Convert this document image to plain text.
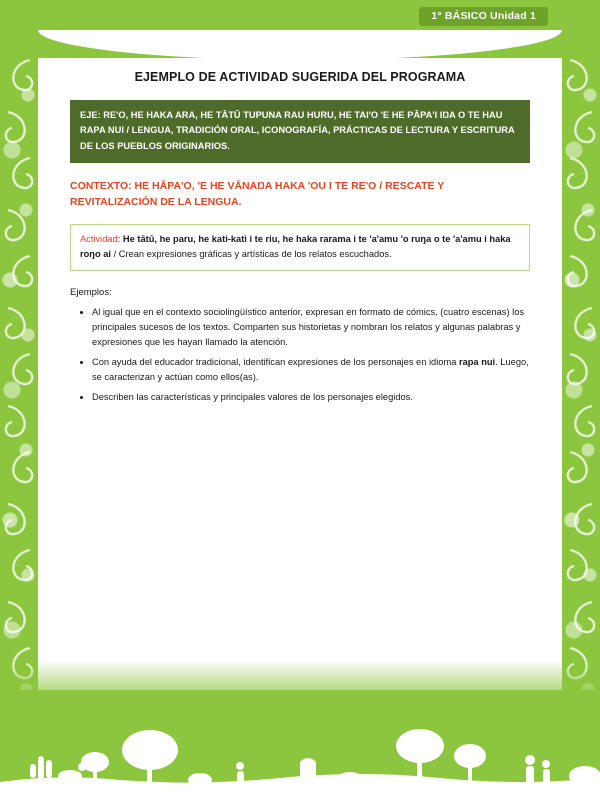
1° BÁSICO Unidad 1
EJEMPLO DE ACTIVIDAD SUGERIDA DEL PROGRAMA
EJE: RE'O, HE HAKA ARA, HE TĀTŪ TUPUNA RAU HURU, HE TAI'O 'E HE PĀPA'I IŊA O TE HAU RAPA NUI / LENGUA, TRADICIÓN ORAL, ICONOGRAFÍA, PRÁCTICAS DE LECTURA Y ESCRITURA DE LOS PUEBLOS ORIGINARIOS.
CONTEXTO: HE HĀPA'O, 'E HE VĀNAŊA HAKA 'OU I TE RE'O / RESCATE Y REVITALIZACIÓN DE LA LENGUA.
Actividad: He tātū, he paru, he kati-kati i te riu, he haka rarama i te 'a'amu 'o ruŋa o te 'a'amu i haka roŋo ai / Crean expresiones gráficas y artísticas de los relatos escuchados.
Ejemplos:
• Al igual que en el contexto sociolingüístico anterior, expresan en formato de cómics, (cuatro escenas) los principales sucesos de los textos. Comparten sus historietas y nombran los relatos y algunas palabras y expresiones que les hayan llamado la atención.
• Con ayuda del educador tradicional, identifican expresiones de los personajes en idioma rapa nui. Luego, se caracterizan y actúan como ellos(as).
• Describen las características y principales valores de los personajes elegidos.
